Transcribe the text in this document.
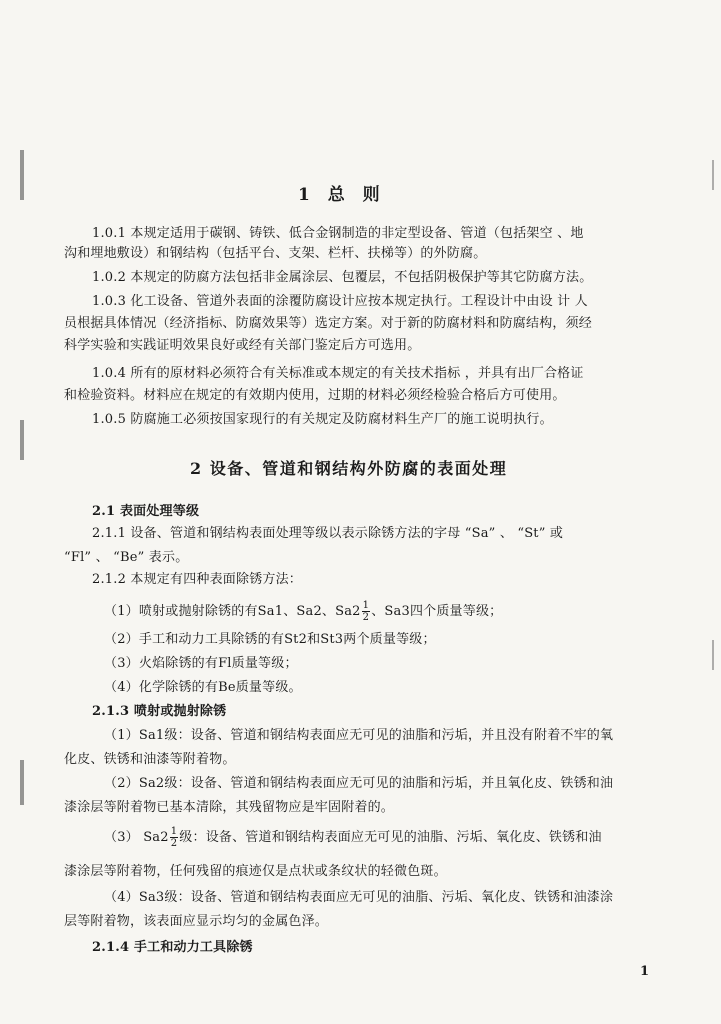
1 总 则
1.0.1 本规定适用于碳钢、铸铁、低合金钢制造的非定型设备、管道（包括架空 、地
沟和埋地敷设）和钢结构（包括平台、支架、栏杆、扶梯等）的外防腐。
1.0.2 本规定的防腐方法包括非金属涂层、包覆层，不包括阴极保护等其它防腐方法。
1.0.3 化工设备、管道外表面的涂覆防腐设计应按本规定执行。工程设计中由设 计 人
员根据具体情况（经济指标、防腐效果等）选定方案。对于新的防腐材料和防腐结构，须经
科学实验和实践证明效果良好或经有关部门鉴定后方可选用。
1.0.4 所有的原材料必须符合有关标准或本规定的有关技术指标 ，并具有出厂合格证
和检验资料。材料应在规定的有效期内使用，过期的材料必须经检验合格后方可使用。
1.0.5 防腐施工必须按国家现行的有关规定及防腐材料生产厂的施工说明执行。
2 设备、管道和钢结构外防腐的表面处理
2.1 表面处理等级
2.1.1 设备、管道和钢结构表面处理等级以表示除锈方法的字母 “Sa” 、 “St” 或
“Fl” 、 “Be” 表示。
2.1.2 本规定有四种表面除锈方法：
（1）喷射或抛射除锈的有Sa1、Sa2、$Sa2 \frac{1}{2}$ 、Sa3四个质量等级；
（2）手工和动力工具除锈的有St2和St3两个质量等级；
（3）火焰除锈的有Fl质量等级；
（4）化学除锈的有Be质量等级。
2.1.3 喷射或抛射除锈
（1）Sa1级：设备、管道和钢结构表面应无可见的油脂和污垢，并且没有附着不牢的氧
化皮、铁锈和油漆等附着物。
（2）Sa2级：设备、管道和钢结构表面应无可见的油脂和污垢，并且氧化皮、铁锈和油
漆涂层等附着物已基本清除，其残留物应是牢固附着的。
（3） $Sa2 \frac{1}{2}$ 级：设备、管道和钢结构表面应无可见的油脂、污垢、氧化皮、铁锈和油
漆涂层等附着物，任何残留的痕迹仅是点状或条纹状的轻微色斑。
（4）Sa3级：设备、管道和钢结构表面应无可见的油脂、污垢、氧化皮、铁锈和油漆涂
层等附着物，该表面应显示均匀的金属色泽。
2.1.4 手工和动力工具除锈
1
